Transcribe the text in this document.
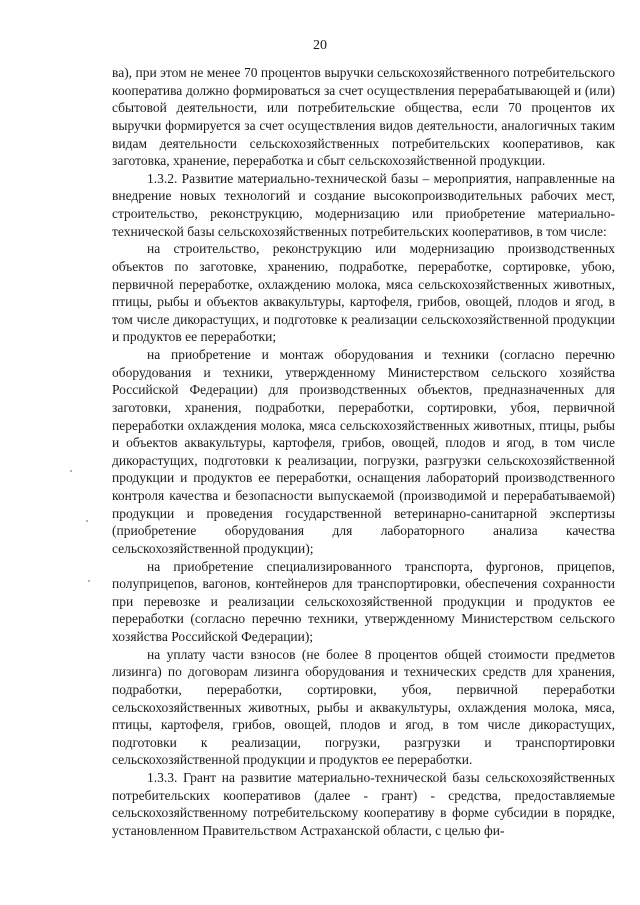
20

ва), при этом не менее 70 процентов выручки сельскохозяйственного потребительского кооператива должно формироваться за счет осуществления перерабатывающей и (или) сбытовой деятельности, или потребительские общества, если 70 процентов их выручки формируется за счет осуществления видов деятельности, аналогичных таким видам деятельности сельскохозяйственных потребительских кооперативов, как заготовка, хранение, переработка и сбыт сельскохозяйственной продукции.

1.3.2. Развитие материально-технической базы – мероприятия, направленные на внедрение новых технологий и создание высокопроизводительных рабочих мест, строительство, реконструкцию, модернизацию или приобретение материально-технической базы сельскохозяйственных потребительских кооперативов, в том числе:

на строительство, реконструкцию или модернизацию производственных объектов по заготовке, хранению, подработке, переработке, сортировке, убою, первичной переработке, охлаждению молока, мяса сельскохозяйственных животных, птицы, рыбы и объектов аквакультуры, картофеля, грибов, овощей, плодов и ягод, в том числе дикорастущих, и подготовке к реализации сельскохозяйственной продукции и продуктов ее переработки;

на приобретение и монтаж оборудования и техники (согласно перечню оборудования и техники, утвержденному Министерством сельского хозяйства Российской Федерации) для производственных объектов, предназначенных для заготовки, хранения, подработки, переработки, сортировки, убоя, первичной переработки охлаждения молока, мяса сельскохозяйственных животных, птицы, рыбы и объектов аквакультуры, картофеля, грибов, овощей, плодов и ягод, в том числе дикорастущих, подготовки к реализации, погрузки, разгрузки сельскохозяйственной продукции и продуктов ее переработки, оснащения лабораторий производственного контроля качества и безопасности выпускаемой (производимой и перерабатываемой) продукции и проведения государственной ветеринарно-санитарной экспертизы (приобретение оборудования для лабораторного анализа качества сельскохозяйственной продукции);

на приобретение специализированного транспорта, фургонов, прицепов, полуприцепов, вагонов, контейнеров для транспортировки, обеспечения сохранности при перевозке и реализации сельскохозяйственной продукции и продуктов ее переработки (согласно перечню техники, утвержденному Министерством сельского хозяйства Российской Федерации);

на уплату части взносов (не более 8 процентов общей стоимости предметов лизинга) по договорам лизинга оборудования и технических средств для хранения, подработки, переработки, сортировки, убоя, первичной переработки сельскохозяйственных животных, рыбы и аквакультуры, охлаждения молока, мяса, птицы, картофеля, грибов, овощей, плодов и ягод, в том числе дикорастущих, подготовки к реализации, погрузки, разгрузки и транспортировки сельскохозяйственной продукции и продуктов ее переработки.

1.3.3. Грант на развитие материально-технической базы сельскохозяйственных потребительских кооперативов (далее - грант) - средства, предоставляемые сельскохозяйственному потребительскому кооперативу в форме субсидии в порядке, установленном Правительством Астраханской области, с целью фи-
